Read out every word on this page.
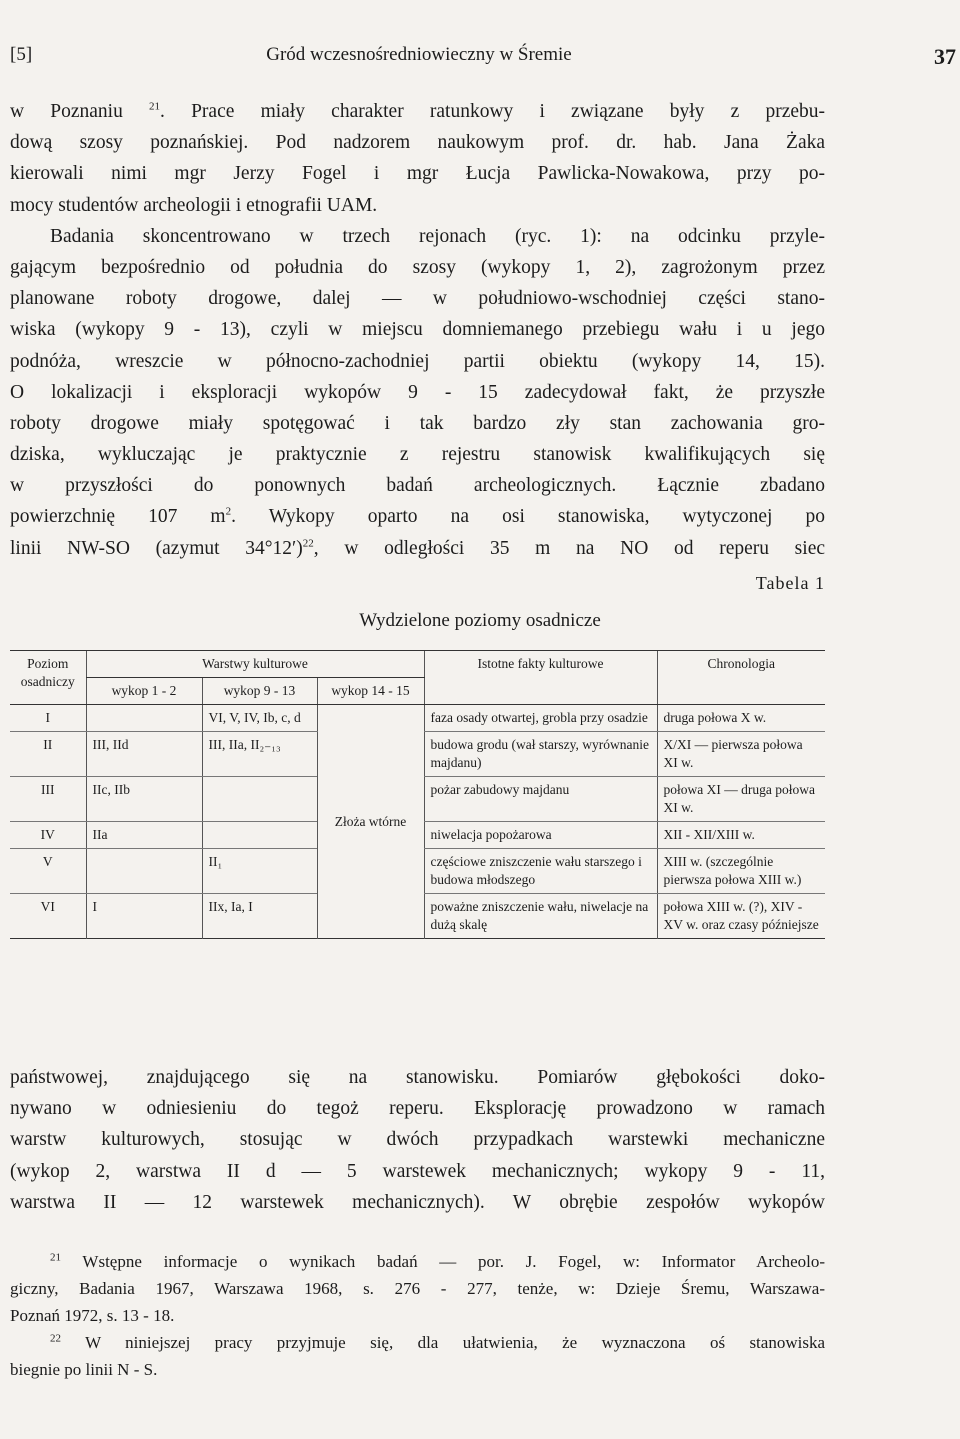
[5]	Gród wczesnośredniowieczny w Śremie	37
w Poznaniu $^{21}$. Prace miały charakter ratunkowy i związane były z przebu-
dową szosy poznańskiej. Pod nadzorem naukowym prof. dr. hab. Jana Żaka
kierowali nimi mgr Jerzy Fogel i mgr Łucja Pawlicka-Nowakowa, przy po-
mocy studentów archeologii i etnografii UAM.
Badania skoncentrowano w trzech rejonach (ryc. 1): na odcinku przyle-
gającym bezpośrednio od południa do szosy (wykopy 1, 2), zagrożonym przez
planowane roboty drogowe, dalej — w południowo-wschodniej części stano-
wiska (wykopy 9 - 13), czyli w miejscu domniemanego przebiegu wału i u jego
podnóża, wreszcie w północno-zachodniej partii obiektu (wykopy 14, 15).
O lokalizacji i eksploracji wykopów 9 - 15 zadecydował fakt, że przyszłe
roboty drogowe miały spotęgować i tak bardzo zły stan zachowania gro-
dziska, wykluczając je praktycznie z rejestru stanowisk kwalifikujących się
w przyszłości do ponownych badań archeologicznych. Łącznie zbadano
powierzchnię 107 $m^2$. Wykopy oparto na osi stanowiska, wytyczonej po
linii NW-SO (azymut 34°12′)$^{22}$, w odległości 35 m na NO od reperu siec
Tabela 1
Wydzielone poziomy osadnicze
Poziom osadniczy	Warstwy kulturowe			Istotne fakty kulturowe	Chronologia
	wykop 1 - 2	wykop 9 - 13	wykop 14 - 15		
I		VI, V, IV, Ib, c, d	Złoża wtórne	faza osady otwartej, grobla przy osadzie	druga połowa X w.
II	III, IId	III, IIa, II₂₋₁₃		budowa grodu (wał starszy, wyrównanie majdanu)	X/XI — pierwsza połowa XI w.
III	IIc, IIb			pożar zabudowy majdanu	połowa XI — druga połowa XI w.
IV	IIa			niwelacja popożarowa	XII - XII/XIII w.
V		II₁		częściowe zniszczenie wału starszego i budowa młodszego	XIII w. (szczególnie pierwsza połowa XIII w.)
VI	I	IIx, Ia, I		poważne zniszczenie wału, niwelacje na dużą skalę	połowa XIII w. (?), XIV - XV w. oraz czasy późniejsze

państwowej, znajdującego się na stanowisku. Pomiarów głębokości doko-
nywano w odniesieniu do tegoż reperu. Eksplorację prowadzono w ramach
warstw kulturowych, stosując w dwóch przypadkach warstewki mechaniczne
(wykop 2, warstwa II d — 5 warstewek mechanicznych; wykopy 9 - 11,
warstwa II — 12 warstewek mechanicznych). W obrębie zespołów wykopów
$^{21}$ Wstępne informacje o wynikach badań — por. J. Fogel, w: Informator Archeolo-
giczny, Badania 1967, Warszawa 1968, s. 276 - 277, tenże, w: Dzieje Śremu, Warszawa-
Poznań 1972, s. 13 - 18.
$^{22}$ W niniejszej pracy przyjmuje się, dla ułatwienia, że wyznaczona oś stanowiska
biegnie po linii N - S.
